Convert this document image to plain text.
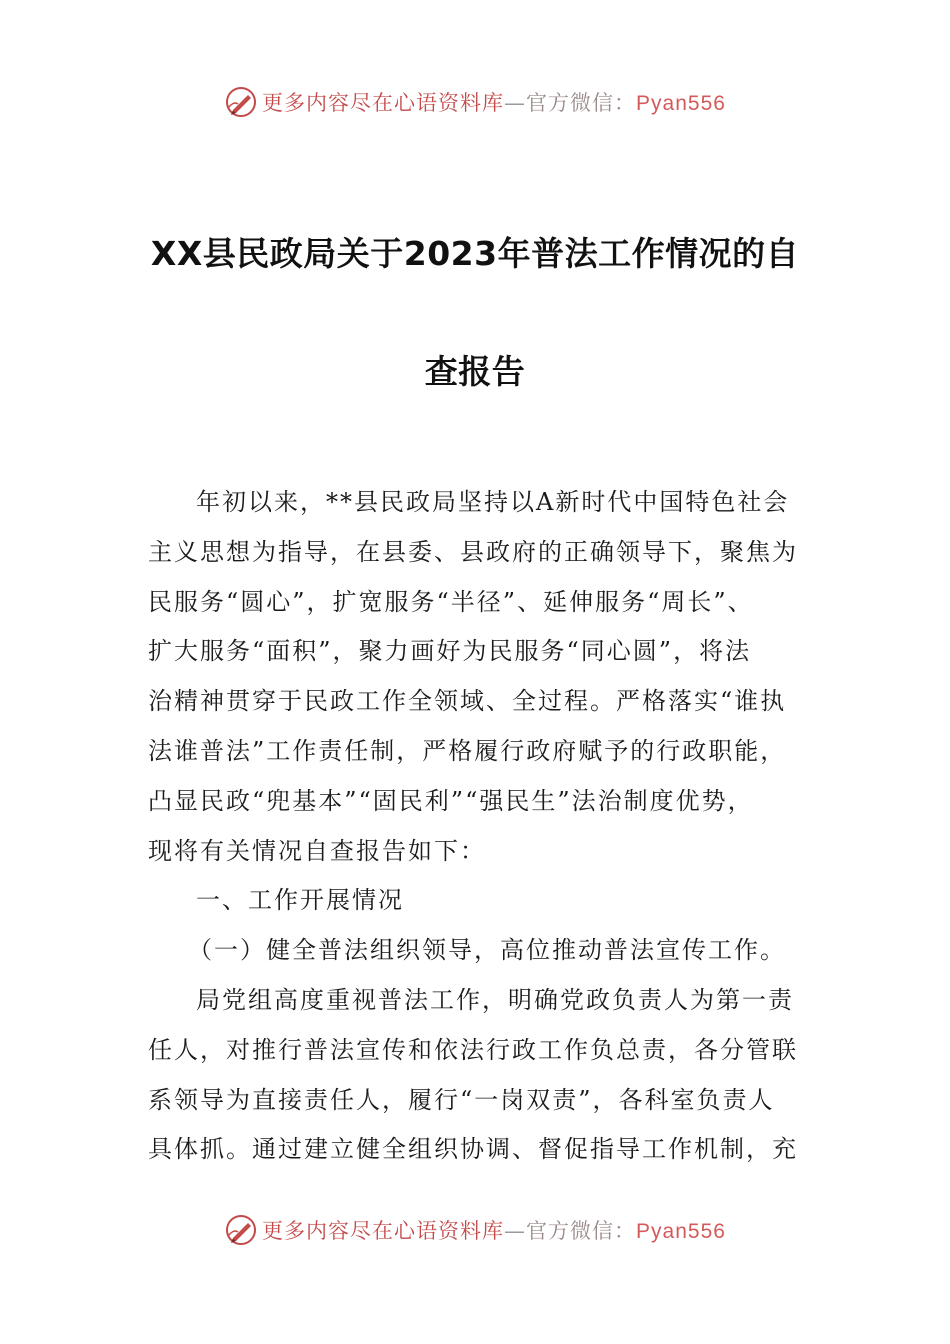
更多内容尽在心语资料库—官方微信：Pyan556
XX县民政局关于2023年普法工作情况的自
查报告
年初以来，**县民政局坚持以A新时代中国特色社会
主义思想为指导，在县委、县政府的正确领导下，聚焦为
民服务“圆心”，扩宽服务“半径”、延伸服务“周长”、
扩大服务“面积”，聚力画好为民服务“同心圆”，将法
治精神贯穿于民政工作全领域、全过程。严格落实“谁执
法谁普法”工作责任制，严格履行政府赋予的行政职能，
凸显民政“兜基本”“固民利”“强民生”法治制度优势，
现将有关情况自查报告如下：
一、工作开展情况
（一）健全普法组织领导，高位推动普法宣传工作。
局党组高度重视普法工作，明确党政负责人为第一责
任人，对推行普法宣传和依法行政工作负总责，各分管联
系领导为直接责任人，履行“一岗双责”，各科室负责人
具体抓。通过建立健全组织协调、督促指导工作机制，充
更多内容尽在心语资料库—官方微信：Pyan556
